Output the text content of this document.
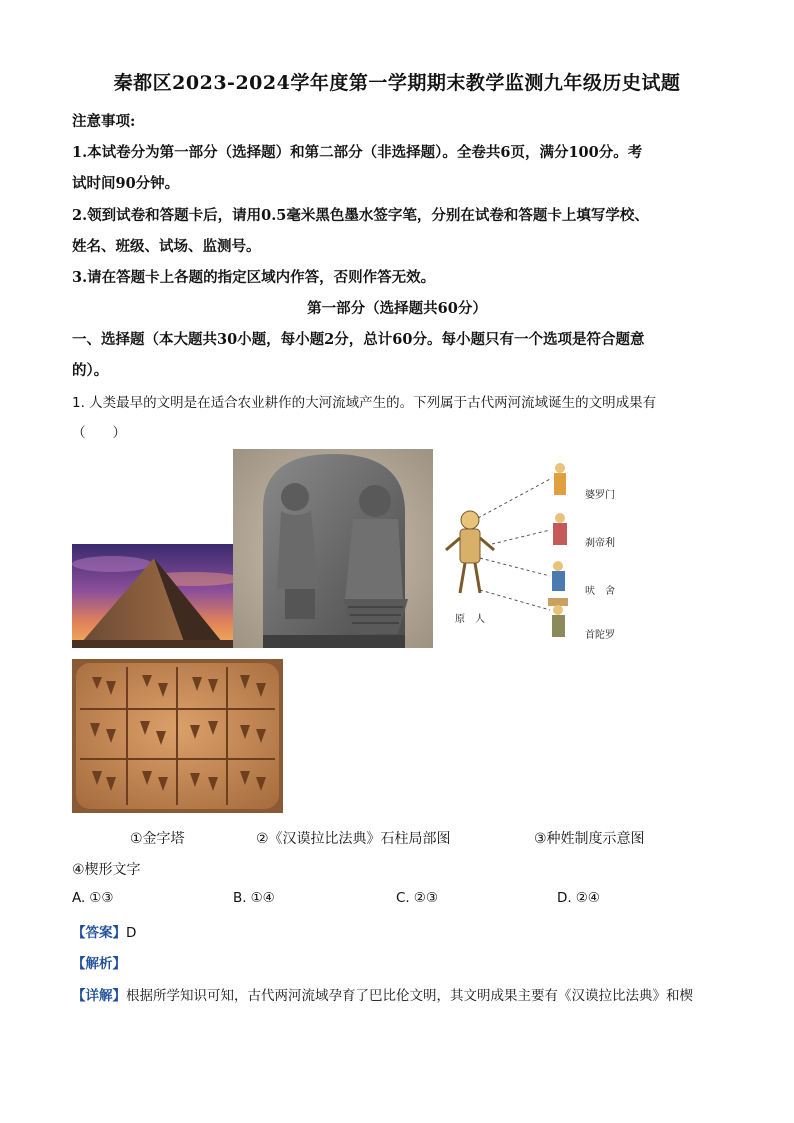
秦都区2023-2024学年度第一学期期末教学监测九年级历史试题
注意事项:
1.本试卷分为第一部分（选择题）和第二部分（非选择题）。全卷共6页，满分100分。考
试时间90分钟。
2.领到试卷和答题卡后，请用0.5毫米黑色墨水签字笔，分别在试卷和答题卡上填写学校、
姓名、班级、试场、监测号。
3.请在答题卡上各题的指定区域内作答，否则作答无效。
第一部分（选择题共60分）
一、选择题（本大题共30小题，每小题2分，总计60分。每小题只有一个选项是符合题意
的）。
1. 人类最早的文明是在适合农业耕作的大河流域产生的。下列属于古代两河流域诞生的文明成果有
（　　）
婆罗门
刹帝利
吠　舍
首陀罗
原　人
①金字塔	②《汉谟拉比法典》石柱局部图	③种姓制度示意图
④楔形文字
A. ①③	B. ①④	C. ②③	D. ②④
【答案】D
【解析】
【详解】根据所学知识可知，古代两河流域孕育了巴比伦文明，其文明成果主要有《汉谟拉比法典》和楔
